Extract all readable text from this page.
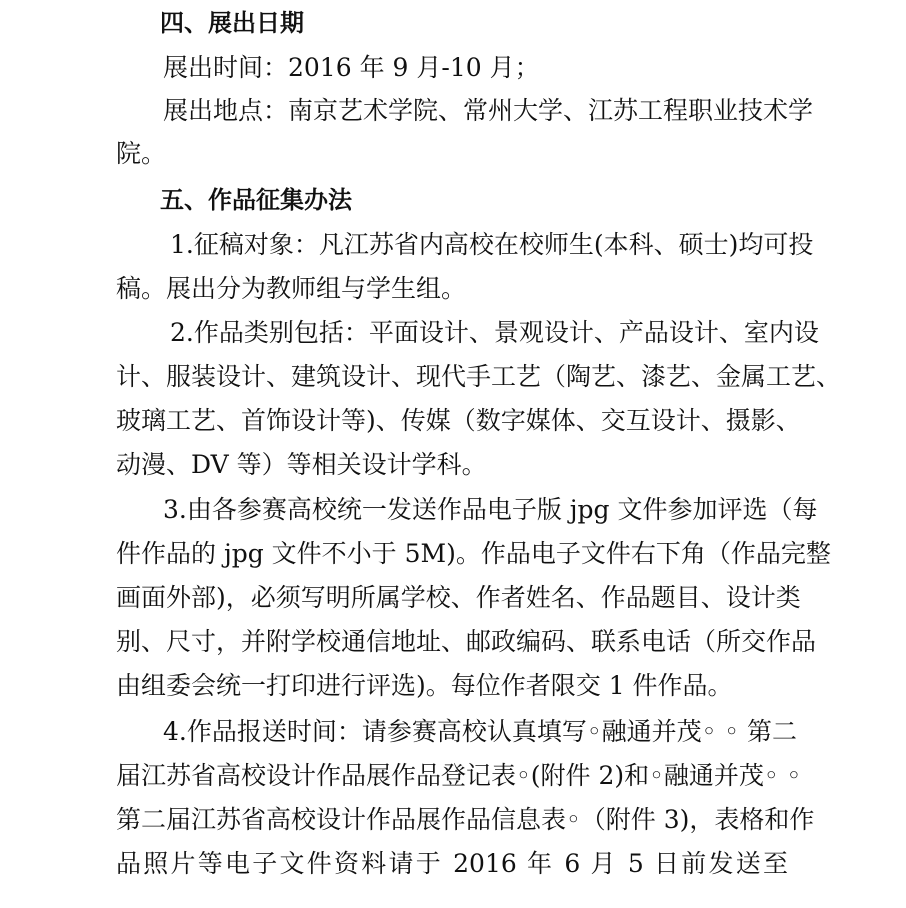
四、展出日期
展出时间：2016 年 9 月-10 月；
展出地点：南京艺术学院、常州大学、江苏工程职业技术学
院。
五、作品征集办法
1.征稿对象：凡江苏省内高校在校师生(本科、硕士)均可投
稿。展出分为教师组与学生组。
2.作品类别包括：平面设计、景观设计、产品设计、室内设
计、服装设计、建筑设计、现代手工艺（陶艺、漆艺、金属工艺、
玻璃工艺、首饰设计等)、传媒（数字媒体、交互设计、摄影、
动漫、DV 等）等相关设计学科。
3.由各参赛高校统一发送作品电子版 jpg 文件参加评选（每
件作品的 jpg 文件不小于 5M)。作品电子文件右下角（作品完整
画面外部)，必须写明所属学校、作者姓名、作品题目、设计类
别、尺寸，并附学校通信地址、邮政编码、联系电话（所交作品
由组委会统一打印进行评选)。每位作者限交 1 件作品。
4.作品报送时间：请参赛高校认真填写◦融通并茂◦ ◦ 第二
届江苏省高校设计作品展作品登记表◦(附件 2)和◦融通并茂◦ ◦
第二届江苏省高校设计作品展作品信息表◦（附件 3)，表格和作
品照片等电子文件资料请于 2016 年 6 月 5 日前发送至
